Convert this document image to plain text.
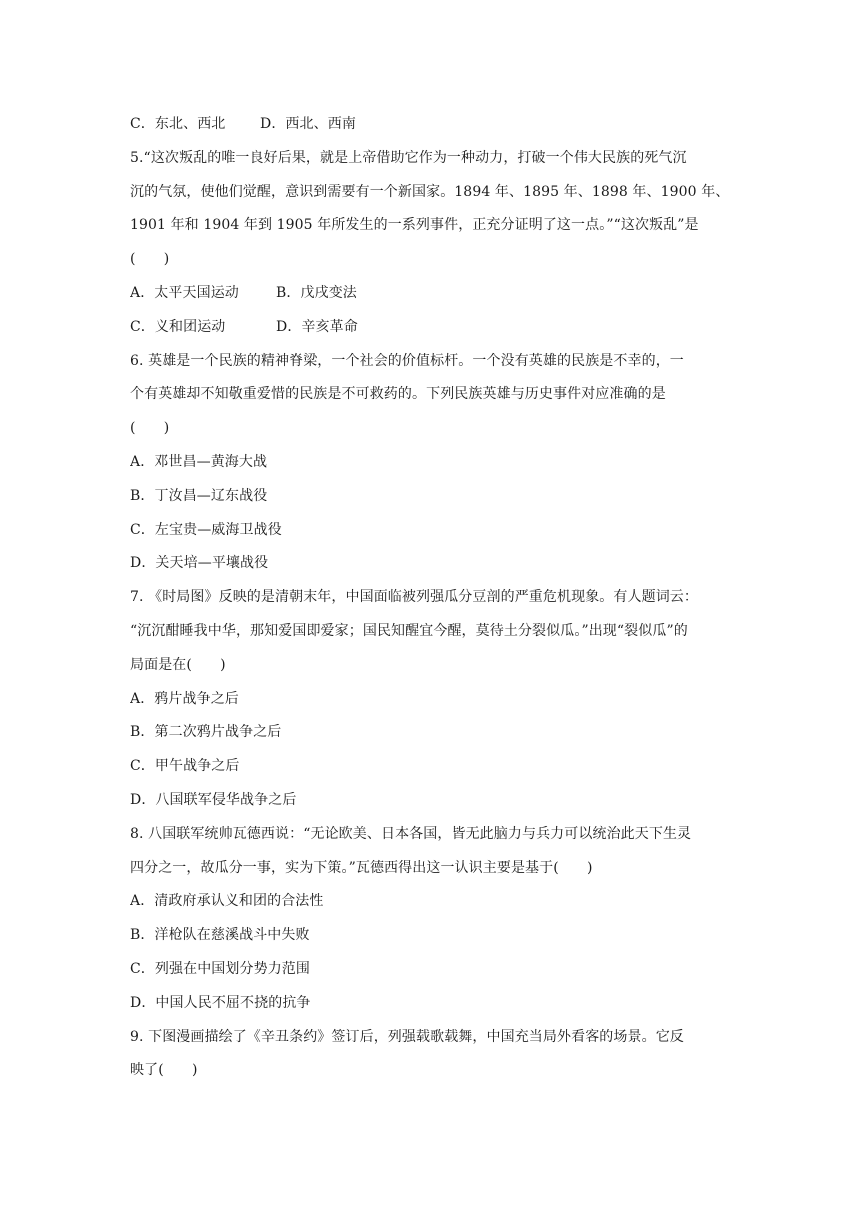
C．东北、西北 D．西北、西南
5.“这次叛乱的唯一良好后果，就是上帝借助它作为一种动力，打破一个伟大民族的死气沉
沉的气氛，使他们觉醒，意识到需要有一个新国家。1894 年、1895 年、1898 年、1900 年、
1901 年和 1904 年到 1905 年所发生的一系列事件，正充分证明了这一点。”“这次叛乱”是
(　　)
A．太平天国运动	B．戊戌变法
C．义和团运动	D．辛亥革命
6. 英雄是一个民族的精神脊梁，一个社会的价值标杆。一个没有英雄的民族是不幸的，一
个有英雄却不知敬重爱惜的民族是不可救药的。下列民族英雄与历史事件对应准确的是
(　　)
A．邓世昌—黄海大战
B．丁汝昌—辽东战役
C．左宝贵—威海卫战役
D．关天培—平壤战役
7. 《时局图》反映的是清朝末年，中国面临被列强瓜分豆剖的严重危机现象。有人题词云：
“沉沉酣睡我中华，那知爱国即爱家；国民知醒宜今醒，莫待土分裂似瓜。”出现“裂似瓜”的
局面是在(　　)
A．鸦片战争之后
B．第二次鸦片战争之后
C．甲午战争之后
D．八国联军侵华战争之后
8. 八国联军统帅瓦德西说：“无论欧美、日本各国，皆无此脑力与兵力可以统治此天下生灵
四分之一，故瓜分一事，实为下策。”瓦德西得出这一认识主要是基于(　　)
A．清政府承认义和团的合法性
B．洋枪队在慈溪战斗中失败
C．列强在中国划分势力范围
D．中国人民不屈不挠的抗争
9. 下图漫画描绘了《辛丑条约》签订后，列强载歌载舞，中国充当局外看客的场景。它反
映了(　　)
